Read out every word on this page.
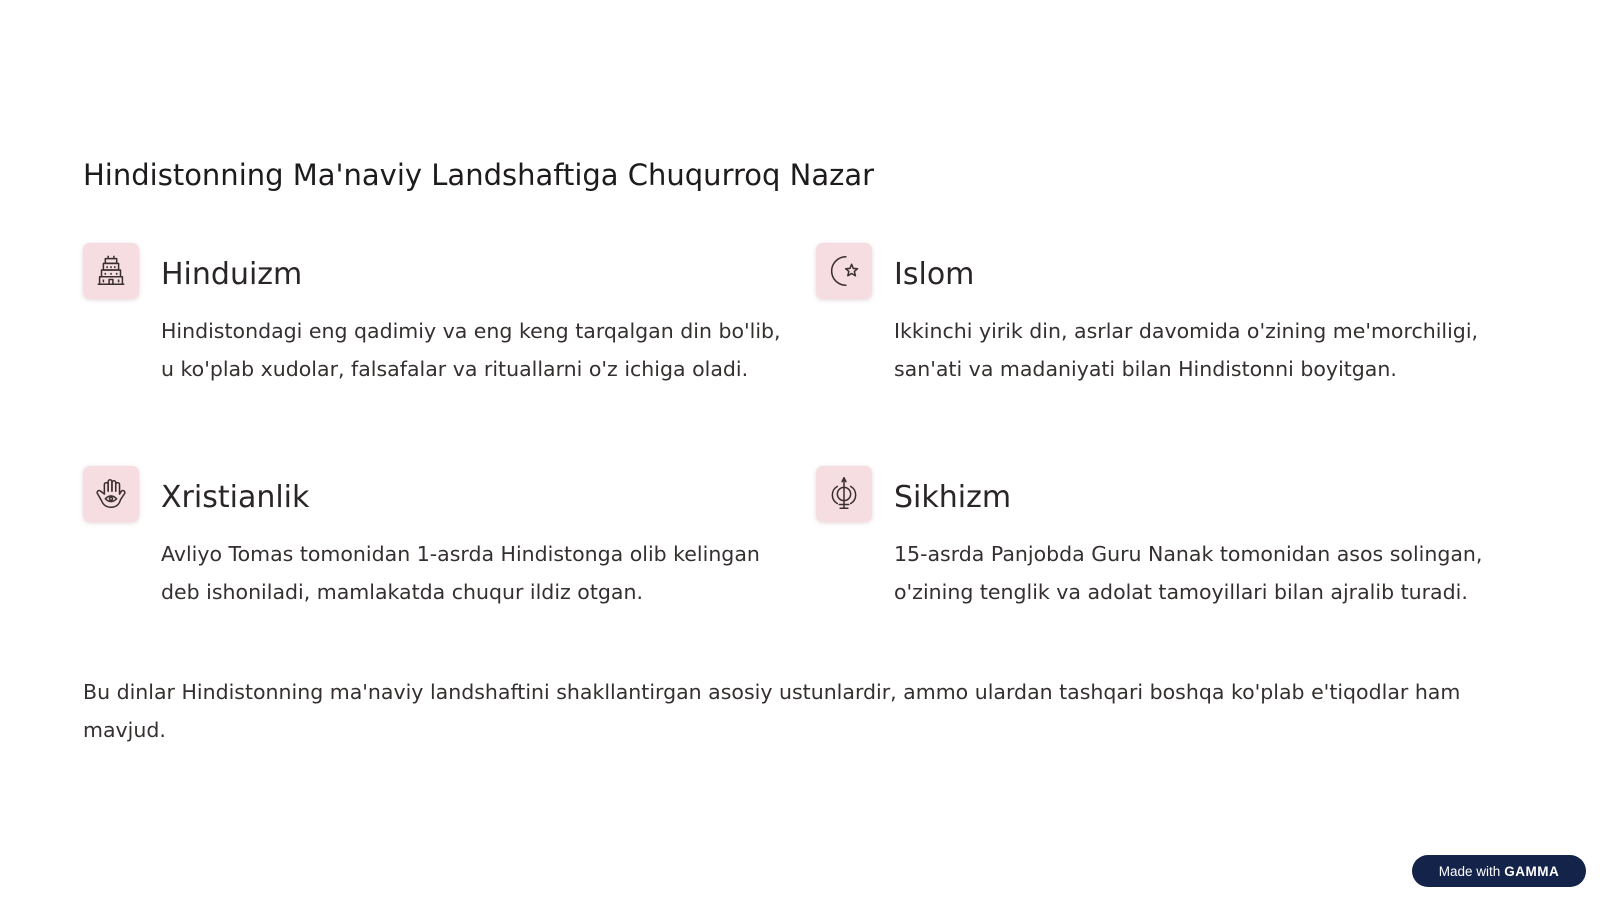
Hindistonning Ma'naviy Landshaftiga Chuqurroq Nazar
Hinduizm

Hindistondagi eng qadimiy va eng keng tarqalgan din bo'lib, u ko'plab xudolar, falsafalar va rituallarni o'z ichiga oladi.

Islom

Ikkinchi yirik din, asrlar davomida o'zining me'morchiligi, san'ati va madaniyati bilan Hindistonni boyitgan.

Xristianlik

Avliyo Tomas tomonidan 1-asrda Hindistonga olib kelingan deb ishoniladi, mamlakatda chuqur ildiz otgan.

Sikhizm

15-asrda Panjobda Guru Nanak tomonidan asos solingan, o'zining tenglik va adolat tamoyillari bilan ajralib turadi.

Bu dinlar Hindistonning ma'naviy landshaftini shakllantirgan asosiy ustunlardir, ammo ulardan tashqari boshqa ko'plab e'tiqodlar ham mavjud.

Made with GAMMA
